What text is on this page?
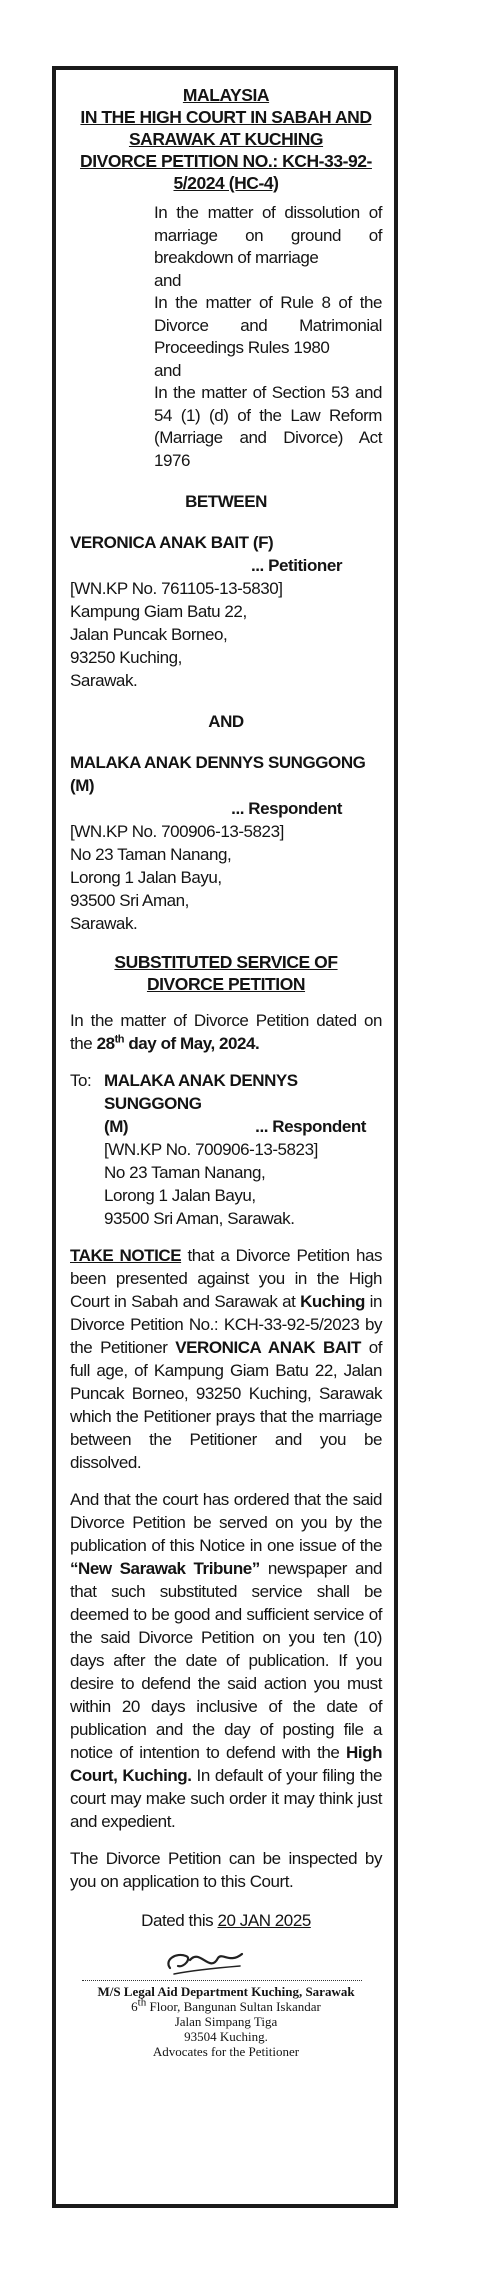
MALAYSIA
IN THE HIGH COURT IN SABAH AND
SARAWAK AT KUCHING
DIVORCE PETITION NO.: KCH-33-92-
5/2024 (HC-4)
In the matter of dissolution of marriage on ground of breakdown of marriage
and
In the matter of Rule 8 of the Divorce and Matrimonial Proceedings Rules 1980
and
In the matter of Section 53 and 54 (1) (d) of the Law Reform (Marriage and Divorce) Act 1976
BETWEEN
VERONICA ANAK BAIT (F)
... Petitioner
[WN.KP No. 761105-13-5830]
Kampung Giam Batu 22,
Jalan Puncak Borneo,
93250 Kuching,
Sarawak.
AND
MALAKA ANAK DENNYS SUNGGONG (M)
... Respondent
[WN.KP No. 700906-13-5823]
No 23 Taman Nanang,
Lorong 1 Jalan Bayu,
93500 Sri Aman,
Sarawak.
SUBSTITUTED SERVICE OF
DIVORCE PETITION
In the matter of Divorce Petition dated on the 28th day of May, 2024.
To: MALAKA ANAK DENNYS SUNGGONG
(M)	... Respondent
[WN.KP No. 700906-13-5823]
No 23 Taman Nanang,
Lorong 1 Jalan Bayu,
93500 Sri Aman, Sarawak.
TAKE NOTICE that a Divorce Petition has been presented against you in the High Court in Sabah and Sarawak at Kuching in Divorce Petition No.: KCH-33-92-5/2023 by the Petitioner VERONICA ANAK BAIT of full age, of Kampung Giam Batu 22, Jalan Puncak Borneo, 93250 Kuching, Sarawak which the Petitioner prays that the marriage between the Petitioner and you be dissolved.
And that the court has ordered that the said Divorce Petition be served on you by the publication of this Notice in one issue of the “New Sarawak Tribune” newspaper and that such substituted service shall be deemed to be good and sufficient service of the said Divorce Petition on you ten (10) days after the date of publication. If you desire to defend the said action you must within 20 days inclusive of the date of publication and the day of posting file a notice of intention to defend with the High Court, Kuching. In default of your filing the court may make such order it may think just and expedient.
The Divorce Petition can be inspected by you on application to this Court.
Dated this 20 JAN 2025
M/S Legal Aid Department Kuching, Sarawak
6th Floor, Bangunan Sultan Iskandar
Jalan Simpang Tiga
93504 Kuching.
Advocates for the Petitioner
